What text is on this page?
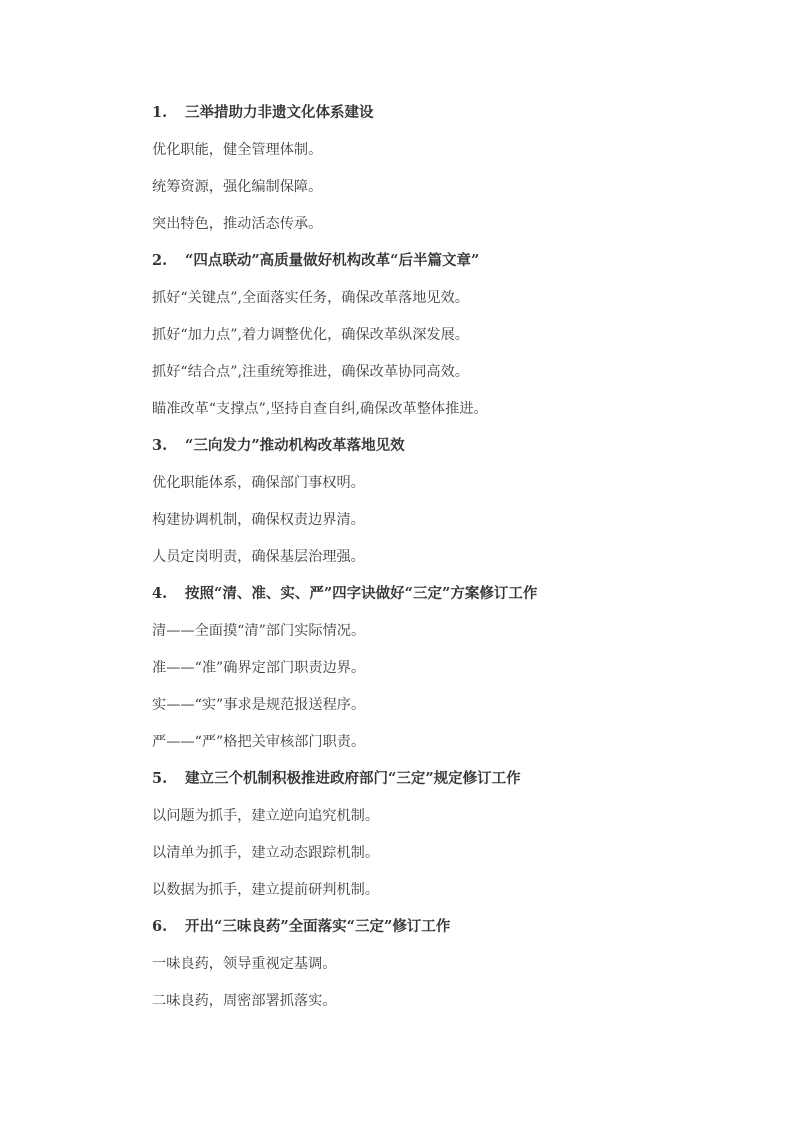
1.	三举措助力非遗文化体系建设
优化职能，健全管理体制。
统筹资源，强化编制保障。
突出特色，推动活态传承。
2.	“四点联动”高质量做好机构改革“后半篇文章”
抓好“关键点”,全面落实任务，确保改革落地见效。
抓好“加力点”,着力调整优化，确保改革纵深发展。
抓好“结合点”,注重统筹推进，确保改革协同高效。
瞄准改革“支撑点”,坚持自查自纠,确保改革整体推进。
3.	“三向发力”推动机构改革落地见效
优化职能体系，确保部门事权明。
构建协调机制，确保权责边界清。
人员定岗明责，确保基层治理强。
4.	按照“清、准、实、严”四字诀做好“三定”方案修订工作
清——全面摸“清”部门实际情况。
准——“准”确界定部门职责边界。
实——“实”事求是规范报送程序。
严——“严”格把关审核部门职责。
5.	建立三个机制积极推进政府部门“三定”规定修订工作
以问题为抓手，建立逆向追究机制。
以清单为抓手，建立动态跟踪机制。
以数据为抓手，建立提前研判机制。
6.	开出“三味良药”全面落实“三定”修订工作
一味良药，领导重视定基调。
二味良药，周密部署抓落实。
